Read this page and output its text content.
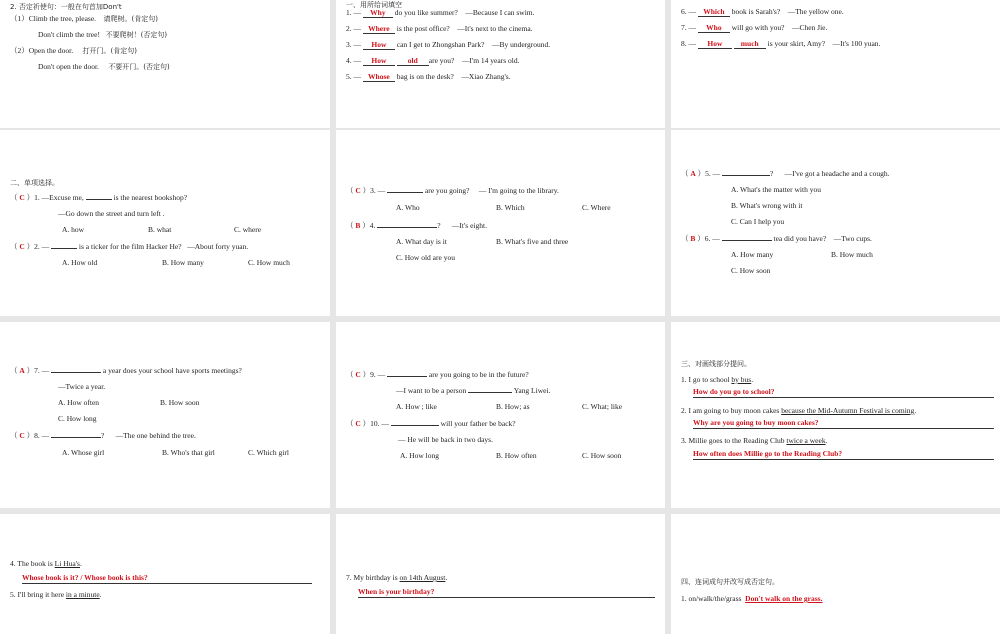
2. 否定祈使句：一般在句首加Don't
（1）Climb the tree, please. 请爬树。(肯定句)
Don't climb the tree! 不要爬树！(否定句)
（2）Open the door. 打开门。(肯定句)
Don't open the door. 不要开门。(否定句)
一、用所给词填空
1. — Why do you like summer? —Because I can swim.
2. — Where is the post office? —It's next to the cinema.
3. — How can I get to Zhongshan Park? —By underground.
4. — How	old are you? —I'm 14 years old.
5. — Whose bag is on the desk? —Xiao Zhang's.
6. — Which book is Sarah's? —The yellow one.
7. — Who will go with you? —Chen Jie.
8. — How much is your skirt, Amy? —It's 100 yuan.
二、单项选择。
（ C ）1. —Excuse me,	is the nearest bookshop?
—Go down the street and turn left .
A. how	B. what	C. where
（ C ）2. —	is a ticker for the film Hacker He? —About forty yuan.
A. How old	B. How many	C. How much
（ C ）3. —	are you going? — I'm going to the library.
A. Who	B. Which	C. Where
（ B ）4.	? —It's eight.
A. What day is it	B. What's five and three
C. How old are you
（ A ）5. —	? —I've got a headache and a cough.
A. What's the matter with you
B. What's wrong with it
C. Can I help you
（ B ）6. —	tea did you have? —Two cups.
A. How many	B. How much
C. How soon
（ A ）7. —	a year does your school have sports meetings?
—Twice a year.
A. How often	B. How soon
C. How long
（ C ）8. —	? —The one behind the tree.
A. Whose girl	B. Who's that girl	C. Which girl
（ C ）9. —	are you going to be in the future?
—I want to be a person	Yang Liwei.
A. How ; like	B. How; as	C. What; like
（ C ）10. —	will your father be back?
— He will be back in two days.
A. How long	B. How often	C. How soon
三、对画线部分提问。
1. I go to school by bus.
How do you go to school?
2. I am going to buy moon cakes because the Mid-Autumn Festival is coming.
Why are you going to buy moon cakes?
3. Millie goes to the Reading Club twice a week.
How often does Millie go to the Reading Club?
4. The book is Li Hua's.
Whose book is it? / Whose book is this?
5. I'll bring it here in a minute.
7. My birthday is on 14th August.
When is your birthday?
四、连词成句并改写成否定句。
1. on/walk/the/grass Don't walk on the grass.
